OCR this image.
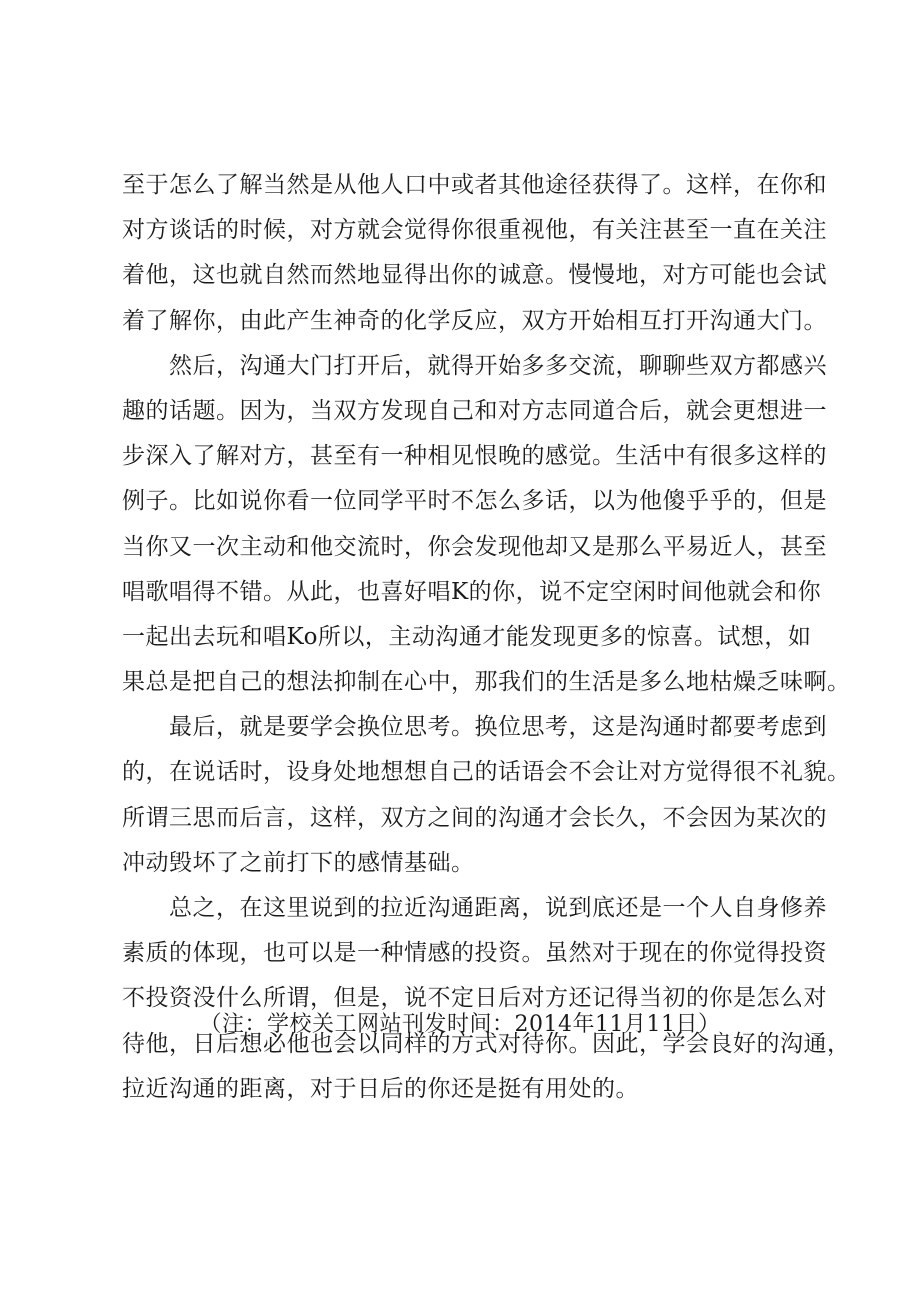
至于怎么了解当然是从他人口中或者其他途径获得了。这样，在你和
对方谈话的时候，对方就会觉得你很重视他，有关注甚至一直在关注
着他，这也就自然而然地显得出你的诚意。慢慢地，对方可能也会试
着了解你，由此产生神奇的化学反应，双方开始相互打开沟通大门。
　　然后，沟通大门打开后，就得开始多多交流，聊聊些双方都感兴
趣的话题。因为，当双方发现自己和对方志同道合后，就会更想进一
步深入了解对方，甚至有一种相见恨晚的感觉。生活中有很多这样的
例子。比如说你看一位同学平时不怎么多话，以为他傻乎乎的，但是
当你又一次主动和他交流时，你会发现他却又是那么平易近人，甚至
唱歌唱得不错。从此，也喜好唱K的你，说不定空闲时间他就会和你
一起出去玩和唱Ko所以，主动沟通才能发现更多的惊喜。试想，如
果总是把自己的想法抑制在心中，那我们的生活是多么地枯燥乏味啊。
　　最后，就是要学会换位思考。换位思考，这是沟通时都要考虑到
的，在说话时，设身处地想想自己的话语会不会让对方觉得很不礼貌。
所谓三思而后言，这样，双方之间的沟通才会长久，不会因为某次的
冲动毁坏了之前打下的感情基础。
　　总之，在这里说到的拉近沟通距离，说到底还是一个人自身修养
素质的体现，也可以是一种情感的投资。虽然对于现在的你觉得投资
不投资没什么所谓，但是，说不定日后对方还记得当初的你是怎么对
待他，日后想必他也会以同样的方式对待你。因此，学会良好的沟通，
拉近沟通的距离，对于日后的你还是挺有用处的。
（注：学校关工网站刊发时间：2014年11月11日）
